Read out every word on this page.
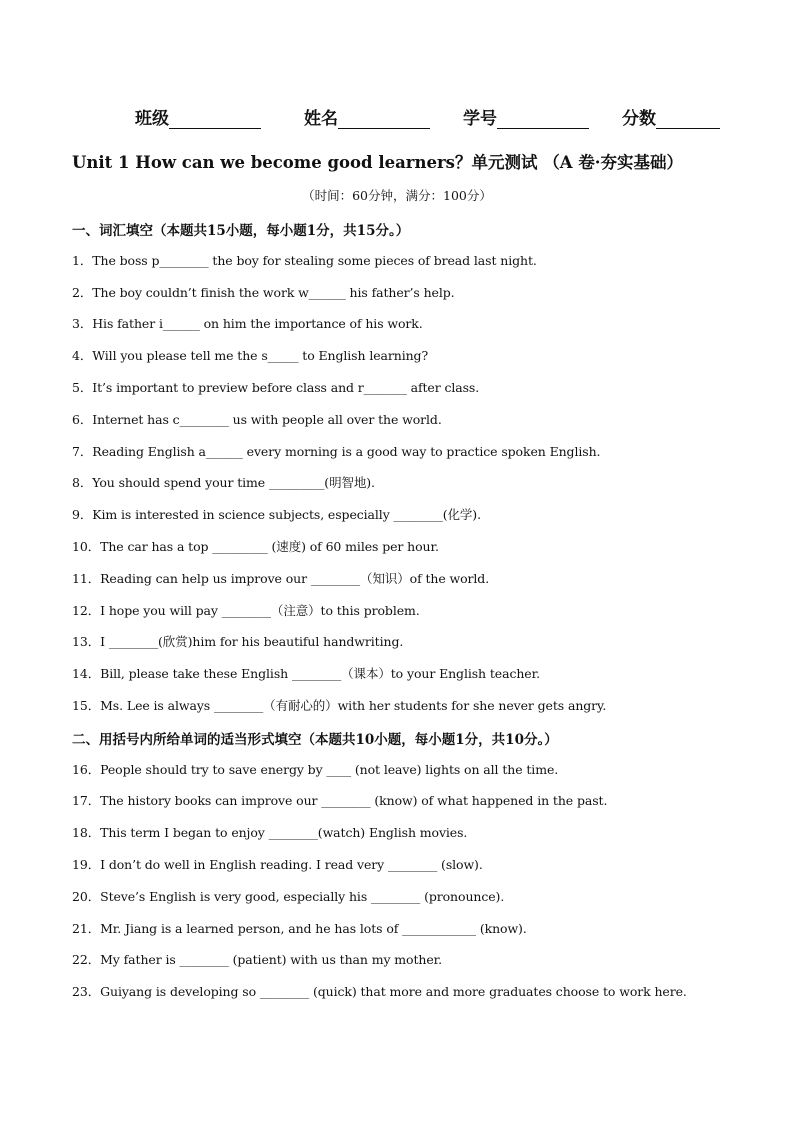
班级	姓名	学号	分数
Unit 1 How can we become good learners？单元测试 （A 卷·夯实基础）
（时间：60分钟，满分：100分）
一、词汇填空（本题共15小题，每小题1分，共15分。）
1．The boss p________ the boy for stealing some pieces of bread last night.
2．The boy couldn’t finish the work w______ his father’s help.
3．His father i______ on him the importance of his work.
4．Will you please tell me the s_____ to English learning?
5．It’s important to preview before class and r_______ after class.
6．Internet has c________ us with people all over the world.
7．Reading English a______ every morning is a good way to practice spoken English.
8．You should spend your time _________(明智地).
9．Kim is interested in science subjects, especially ________(化学).
10．The car has a top _________ (速度) of 60 miles per hour.
11．Reading can help us improve our ________（知识）of the world.
12．I hope you will pay ________（注意）to this problem.
13．I ________(欣赏)him for his beautiful handwriting.
14．Bill, please take these English ________（课本）to your English teacher.
15．Ms. Lee is always ________（有耐心的）with her students for she never gets angry.
二、用括号内所给单词的适当形式填空（本题共10小题，每小题1分，共10分。）
16．People should try to save energy by ____ (not leave) lights on all the time.
17．The history books can improve our ________ (know) of what happened in the past.
18．This term I began to enjoy ________(watch) English movies.
19．I don’t do well in English reading. I read very ________ (slow).
20．Steve’s English is very good, especially his ________ (pronounce).
21．Mr. Jiang is a learned person, and he has lots of ____________ (know).
22．My father is ________ (patient) with us than my mother.
23．Guiyang is developing so ________ (quick) that more and more graduates choose to work here.
